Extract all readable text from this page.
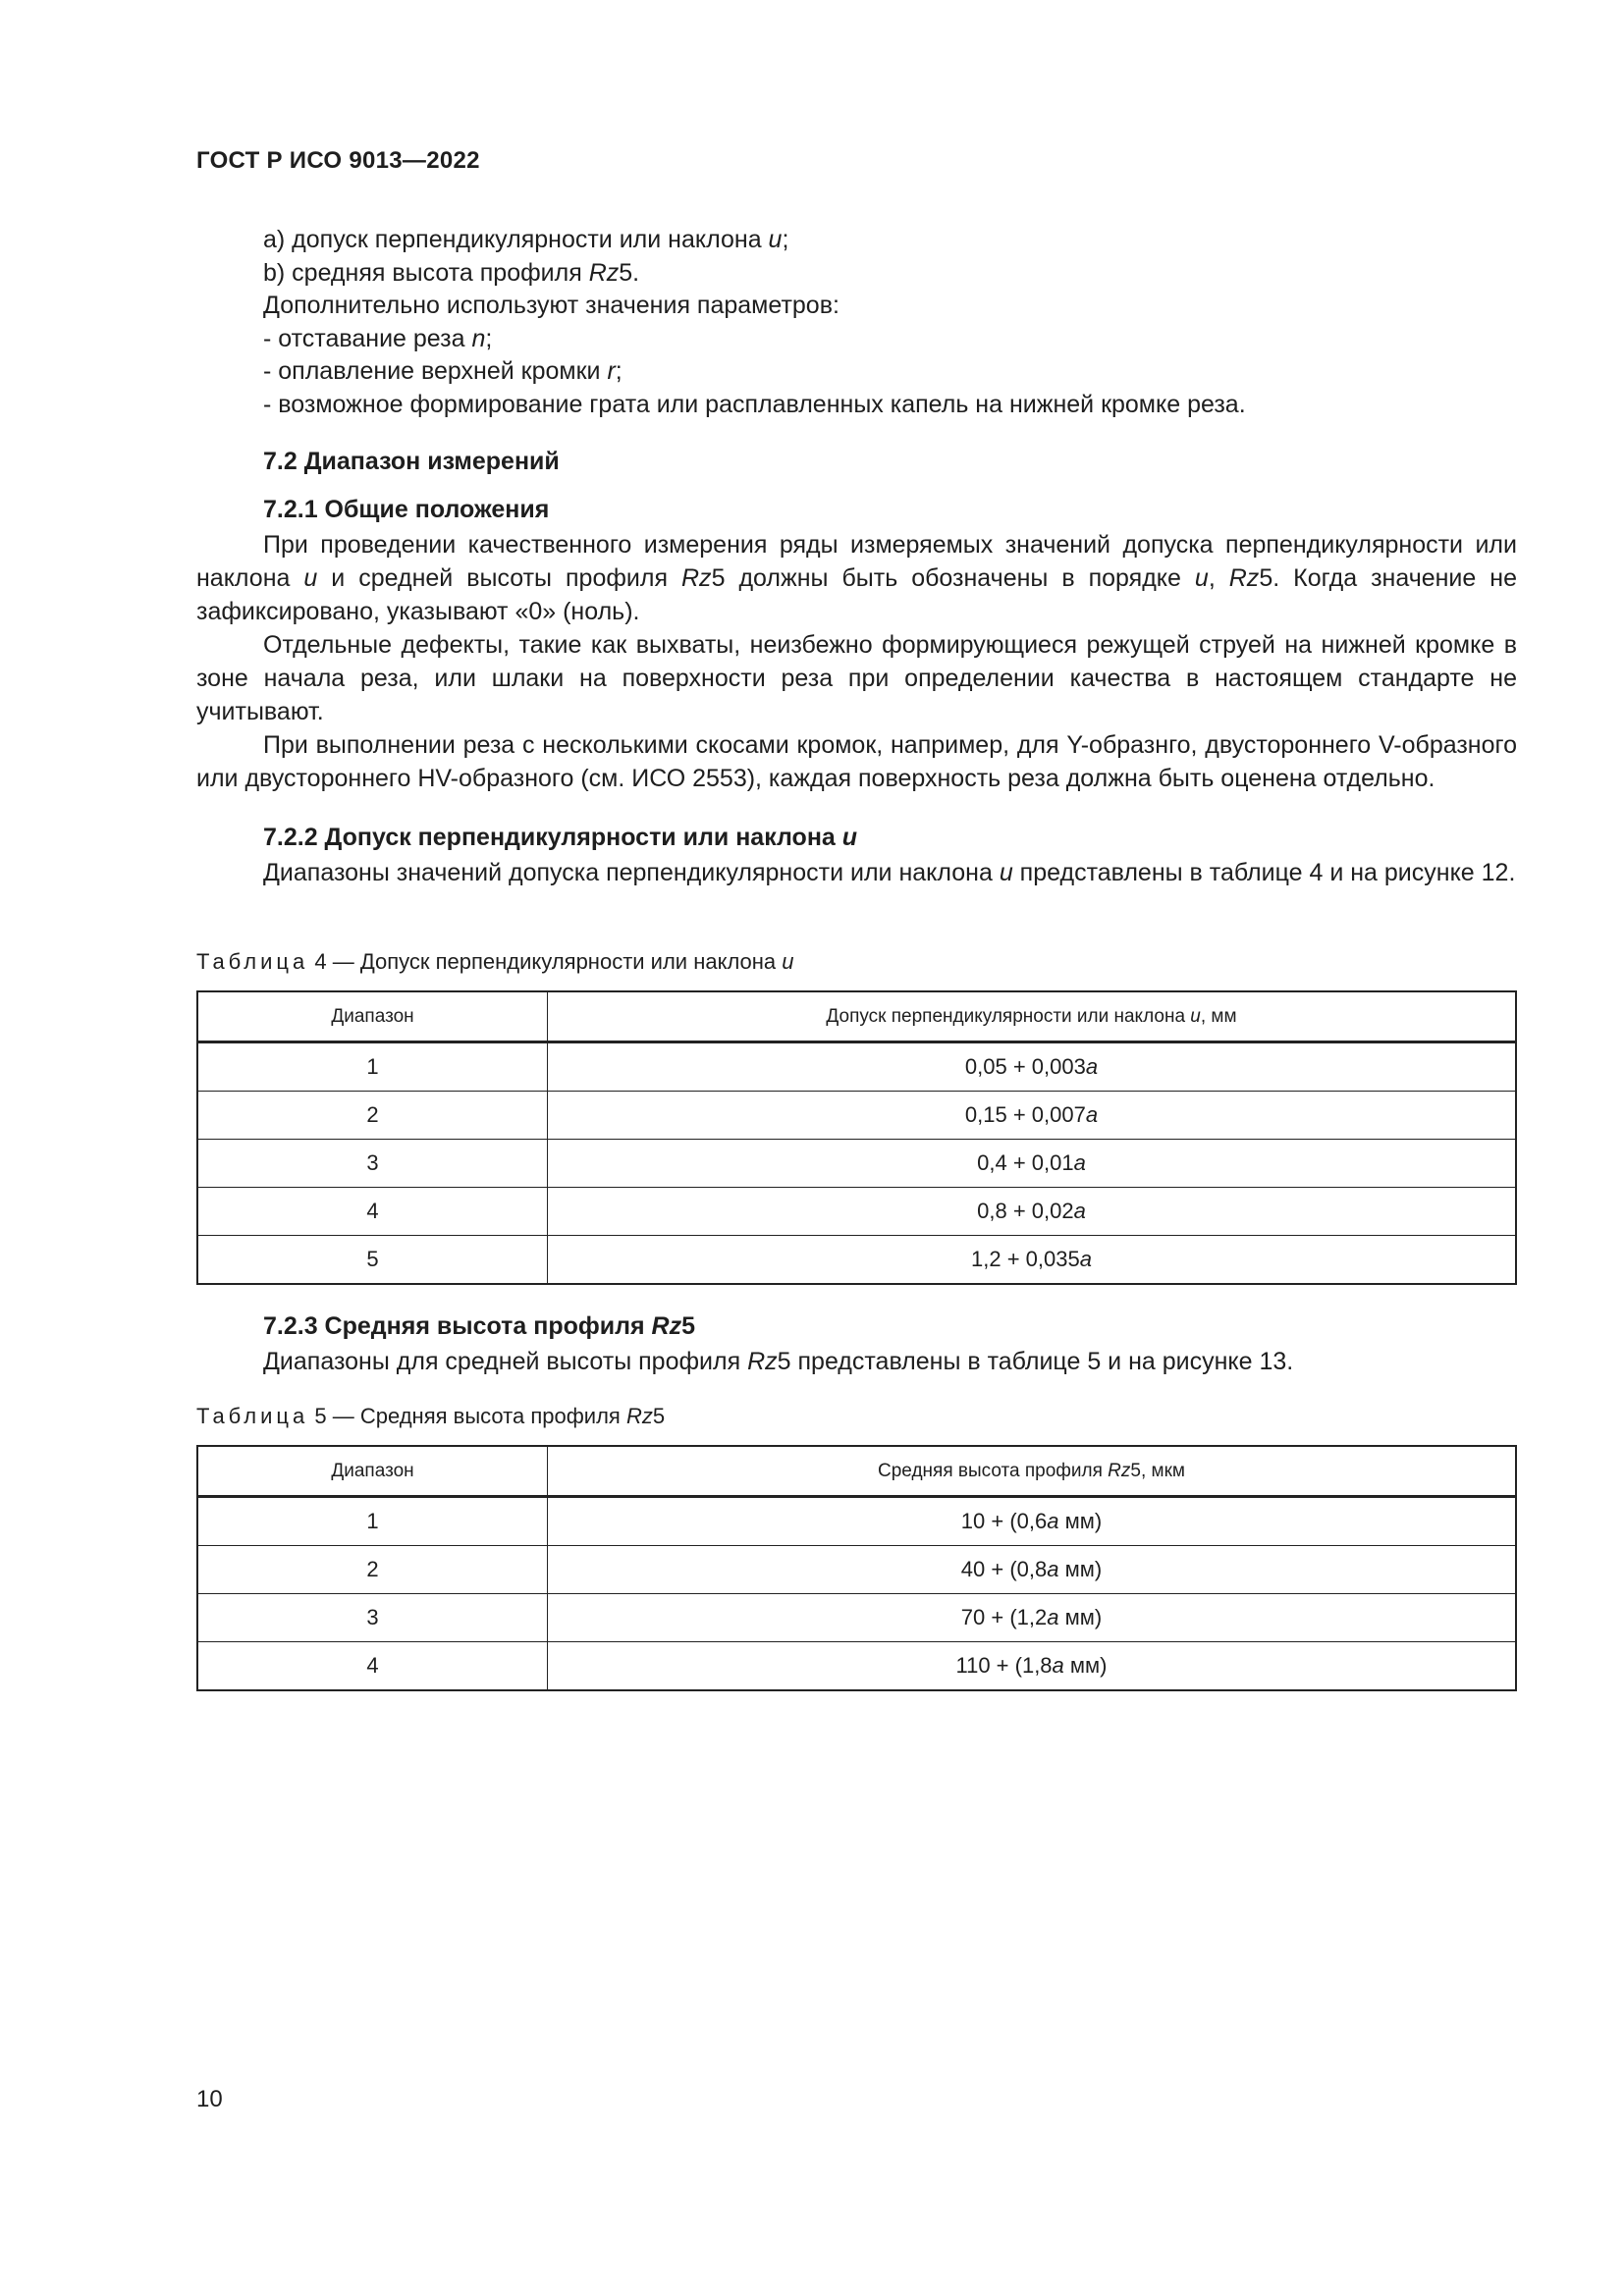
ГОСТ Р ИСО 9013—2022
a) допуск перпендикулярности или наклона u;
b) средняя высота профиля Rz5.
Дополнительно используют значения параметров:
- отставание реза n;
- оплавление верхней кромки r;
- возможное формирование грата или расплавленных капель на нижней кромке реза.
7.2 Диапазон измерений
7.2.1 Общие положения

При проведении качественного измерения ряды измеряемых значений допуска перпендикулярности или наклона u и средней высоты профиля Rz5 должны быть обозначены в порядке u, Rz5. Когда значение не зафиксировано, указывают «0» (ноль).

Отдельные дефекты, такие как выхваты, неизбежно формирующиеся режущей струей на нижней кромке в зоне начала реза, или шлаки на поверхности реза при определении качества в настоящем стандарте не учитывают.

При выполнении реза с несколькими скосами кромок, например, для Y-образнго, двустороннего V-образного или двустороннего HV-образного (см. ИСО 2553), каждая поверхность реза должна быть оценена отдельно.

7.2.2 Допуск перпендикулярности или наклона u

Диапазоны значений допуска перпендикулярности или наклона u представлены в таблице 4 и на рисунке 12.

Таблица 4 — Допуск перпендикулярности или наклона u
Диапазон	Допуск перпендикулярности или наклона u, мм
1	0,05 + 0,003a
2	0,15 + 0,007a
3	0,4 + 0,01a
4	0,8 + 0,02a
5	1,2 + 0,035a
7.2.3 Средняя высота профиля Rz5
Диапазоны для средней высоты профиля Rz5 представлены в таблице 5 и на рисунке 13.
Таблица 5 — Средняя высота профиля Rz5
Диапазон	Средняя высота профиля Rz5, мкм
1	10 + (0,6a мм)
2	40 + (0,8a мм)
3	70 + (1,2a мм)
4	110 + (1,8a мм)
10
